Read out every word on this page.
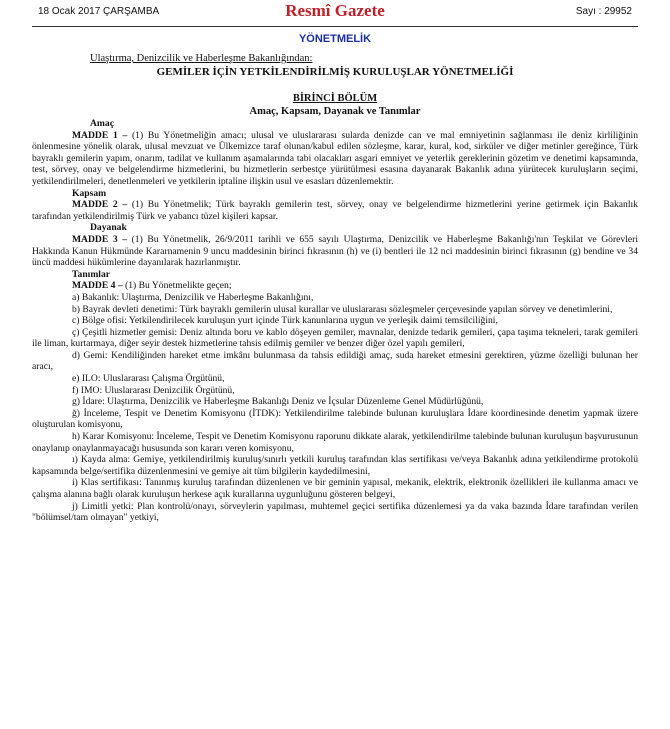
18 Ocak 2017 ÇARŞAMBA	Resmî Gazete	Sayı : 29952
YÖNETMELİK
Ulaştırma, Denizcilik ve Haberleşme Bakanlığından:
GEMİLER İÇİN YETKİLENDİRİLMİŞ KURULUŞLAR YÖNETMELİĞİ
BİRİNCİ BÖLÜM
Amaç, Kapsam, Dayanak ve Tanımlar

Amaç

MADDE 1 – (1) Bu Yönetmeliğin amacı; ulusal ve uluslararası sularda denizde can ve mal emniyetinin sağlanması ile deniz kirliliğinin önlenmesine yönelik olarak, ulusal mevzuat ve Ülkemizce taraf olunan/kabul edilen sözleşme, karar, kural, kod, sirküler ve diğer metinler gereğince, Türk bayraklı gemilerin yapım, onarım, tadilat ve kullanım aşamalarında tabi olacakları asgari emniyet ve yeterlik gereklerinin gözetim ve denetimi kapsamında, test, sörvey, onay ve belgelendirme hizmetlerini, bu hizmetlerin serbestçe yürütülmesi esasına dayanarak Bakanlık adına yürütecek kuruluşların seçimi, yetkilendirilmeleri, denetlenmeleri ve yetkilerin iptaline ilişkin usul ve esasları düzenlemektir.

Kapsam

MADDE 2 – (1) Bu Yönetmelik; Türk bayraklı gemilerin test, sörvey, onay ve belgelendirme hizmetlerini yerine getirmek için Bakanlık tarafından yetkilendirilmiş Türk ve yabancı tüzel kişileri kapsar.

Dayanak

MADDE 3 – (1) Bu Yönetmelik, 26/9/2011 tarihli ve 655 sayılı Ulaştırma, Denizcilik ve Haberleşme Bakanlığı'nın Teşkilat ve Görevleri Hakkında Kanun Hükmünde Kararnamenin 9 uncu maddesinin birinci fıkrasının (h) ve (i) bentleri ile 12 nci maddesinin birinci fıkrasının (g) bendine ve 34 üncü maddesi hükümlerine dayanılarak hazırlanmıştır.

Tanımlar

MADDE 4 – (1) Bu Yönetmelikte geçen;

a) Bakanlık: Ulaştırma, Denizcilik ve Haberleşme Bakanlığını,

b) Bayrak devleti denetimi: Türk bayraklı gemilerin ulusal kurallar ve uluslararası sözleşmeler çerçevesinde yapılan sörvey ve denetimlerini,

c) Bölge ofisi: Yetkilendirilecek kuruluşun yurt içinde Türk kanunlarına uygun ve yerleşik daimi temsilciliğini,

ç) Çeşitli hizmetler gemisi: Deniz altında boru ve kablo döşeyen gemiler, mavnalar, denizde tedarik gemileri, çapa taşıma tekneleri, tarak gemileri ile liman, kurtarmaya, diğer seyir destek hizmetlerine tahsis edilmiş gemiler ve benzer diğer özel yapılı gemileri,

d) Gemi: Kendiliğinden hareket etme imkânı bulunmasa da tahsis edildiği amaç, suda hareket etmesini gerektiren, yüzme özelliği bulunan her aracı,

e) ILO: Uluslararası Çalışma Örgütünü,

f) IMO: Uluslararası Denizcilik Örgütünü,

g) İdare: Ulaştırma, Denizcilik ve Haberleşme Bakanlığı Deniz ve İçsular Düzenleme Genel Müdürlüğünü,

ğ) İnceleme, Tespit ve Denetim Komisyonu (İTDK): Yetkilendirilme talebinde bulunan kuruluşlara İdare koordinesinde denetim yapmak üzere oluşturulan komisyonu,

h) Karar Komisyonu: İnceleme, Tespit ve Denetim Komisyonu raporunu dikkate alarak, yetkilendirilme talebinde bulunan kuruluşun başvurusunun onaylanıp onaylanmayacağı hususunda son kararı veren komisyonu,

ı) Kayda alma: Gemiye, yetkilendirilmiş kuruluş/sınırlı yetkili kuruluş tarafından klas sertifikası ve/veya Bakanlık adına yetkilendirme protokolü kapsamında belge/sertifika düzenlenmesini ve gemiye ait tüm bilgilerin kaydedilmesini,

i) Klas sertifikası: Tanınmış kuruluş tarafından düzenlenen ve bir geminin yapısal, mekanik, elektrik, elektronik özellikleri ile kullanma amacı ve çalışma alanına bağlı olarak kuruluşun herkese açık kurallarına uygunluğunu gösteren belgeyi,

j) Limitli yetki: Plan kontrolü/onayı, sörveylerin yapılması, muhtemel geçici sertifika düzenlemesi ya da vaka bazında İdare tarafından verilen "bölümsel/tam olmayan" yetkiyi,
